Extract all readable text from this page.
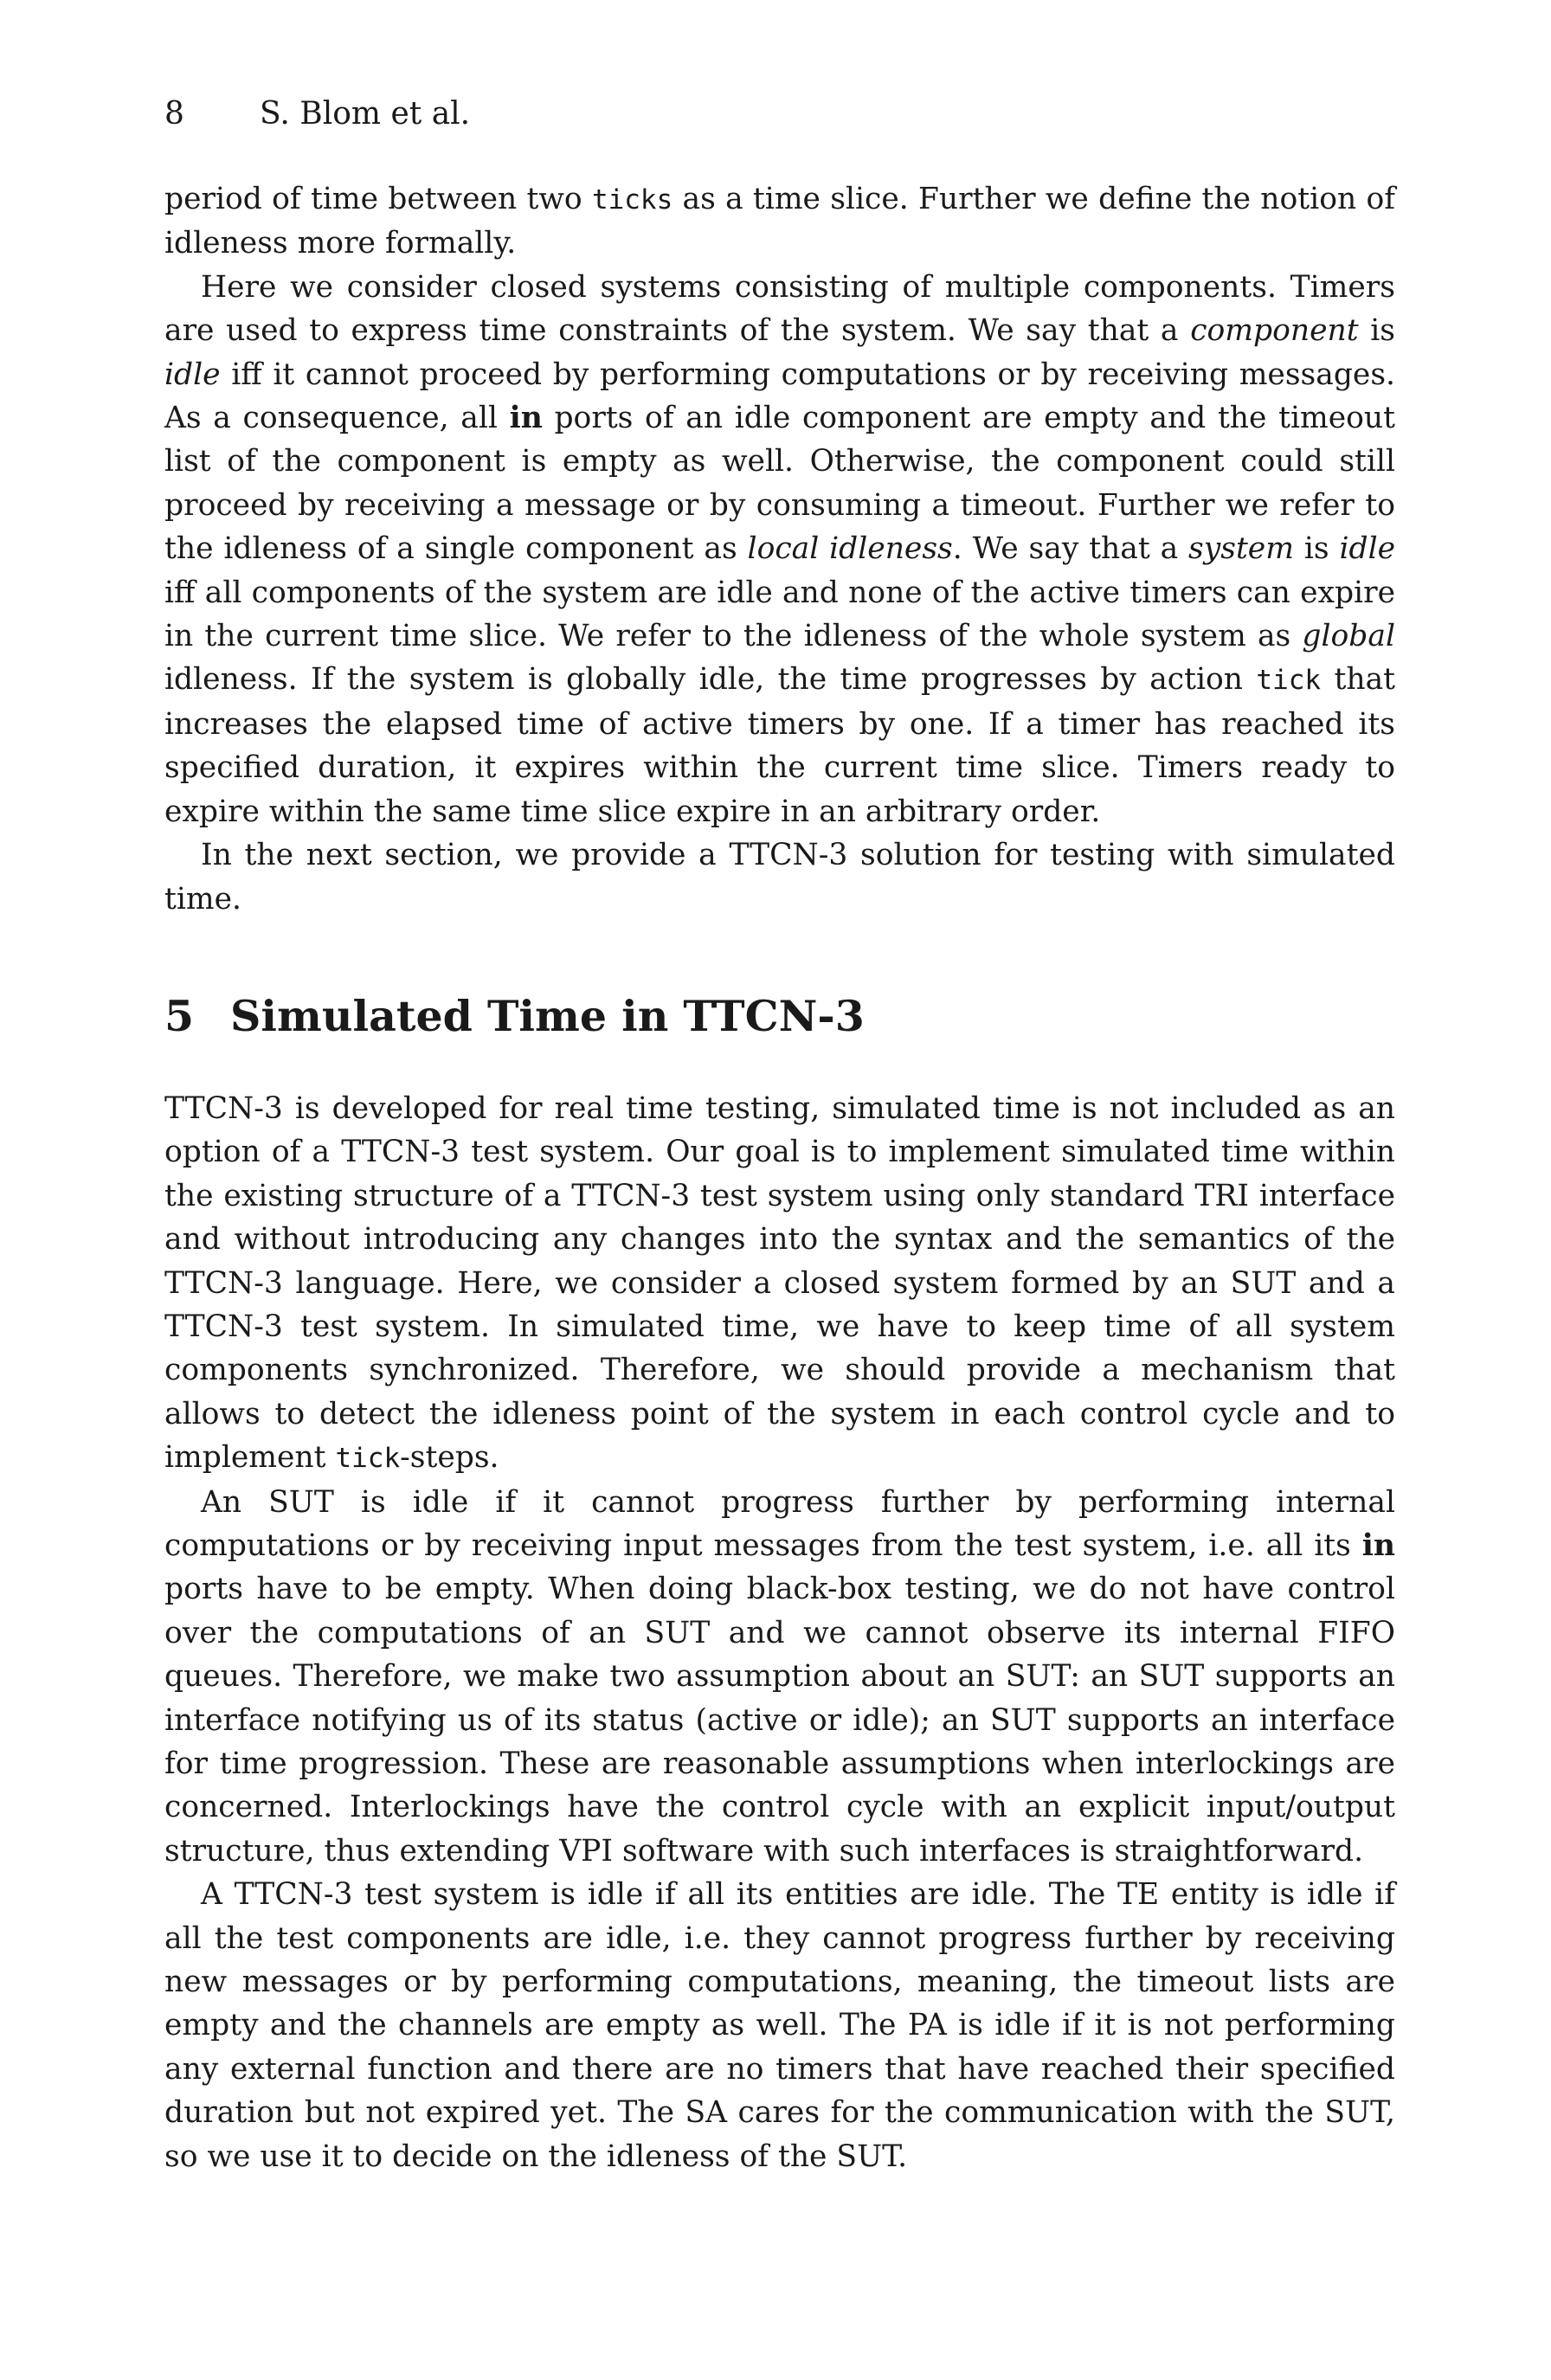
8 S. Blom et al.

period of time between two ticks as a time slice. Further we define the notion of idleness more formally.

Here we consider closed systems consisting of multiple components. Timers are used to express time constraints of the system. We say that a component is idle iff it cannot proceed by performing computations or by receiving messages. As a consequence, all in ports of an idle component are empty and the timeout list of the component is empty as well. Otherwise, the component could still proceed by receiving a message or by consuming a timeout. Further we refer to the idleness of a single component as local idleness. We say that a system is idle iff all components of the system are idle and none of the active timers can expire in the current time slice. We refer to the idleness of the whole system as global idleness. If the system is globally idle, the time progresses by action tick that increases the elapsed time of active timers by one. If a timer has reached its specified duration, it expires within the current time slice. Timers ready to expire within the same time slice expire in an arbitrary order.

In the next section, we provide a TTCN-3 solution for testing with simulated time.

5 Simulated Time in TTCN-3

TTCN-3 is developed for real time testing, simulated time is not included as an option of a TTCN-3 test system. Our goal is to implement simulated time within the existing structure of a TTCN-3 test system using only standard TRI interface and without introducing any changes into the syntax and the semantics of the TTCN-3 language. Here, we consider a closed system formed by an SUT and a TTCN-3 test system. In simulated time, we have to keep time of all system components synchronized. Therefore, we should provide a mechanism that allows to detect the idleness point of the system in each control cycle and to implement tick-steps.

An SUT is idle if it cannot progress further by performing internal computations or by receiving input messages from the test system, i.e. all its in ports have to be empty. When doing black-box testing, we do not have control over the computations of an SUT and we cannot observe its internal FIFO queues. Therefore, we make two assumption about an SUT: an SUT supports an interface notifying us of its status (active or idle); an SUT supports an interface for time progression. These are reasonable assumptions when interlockings are concerned. Interlockings have the control cycle with an explicit input/output structure, thus extending VPI software with such interfaces is straightforward.

A TTCN-3 test system is idle if all its entities are idle. The TE entity is idle if all the test components are idle, i.e. they cannot progress further by receiving new messages or by performing computations, meaning, the timeout lists are empty and the channels are empty as well. The PA is idle if it is not performing any external function and there are no timers that have reached their specified duration but not expired yet. The SA cares for the communication with the SUT, so we use it to decide on the idleness of the SUT.
